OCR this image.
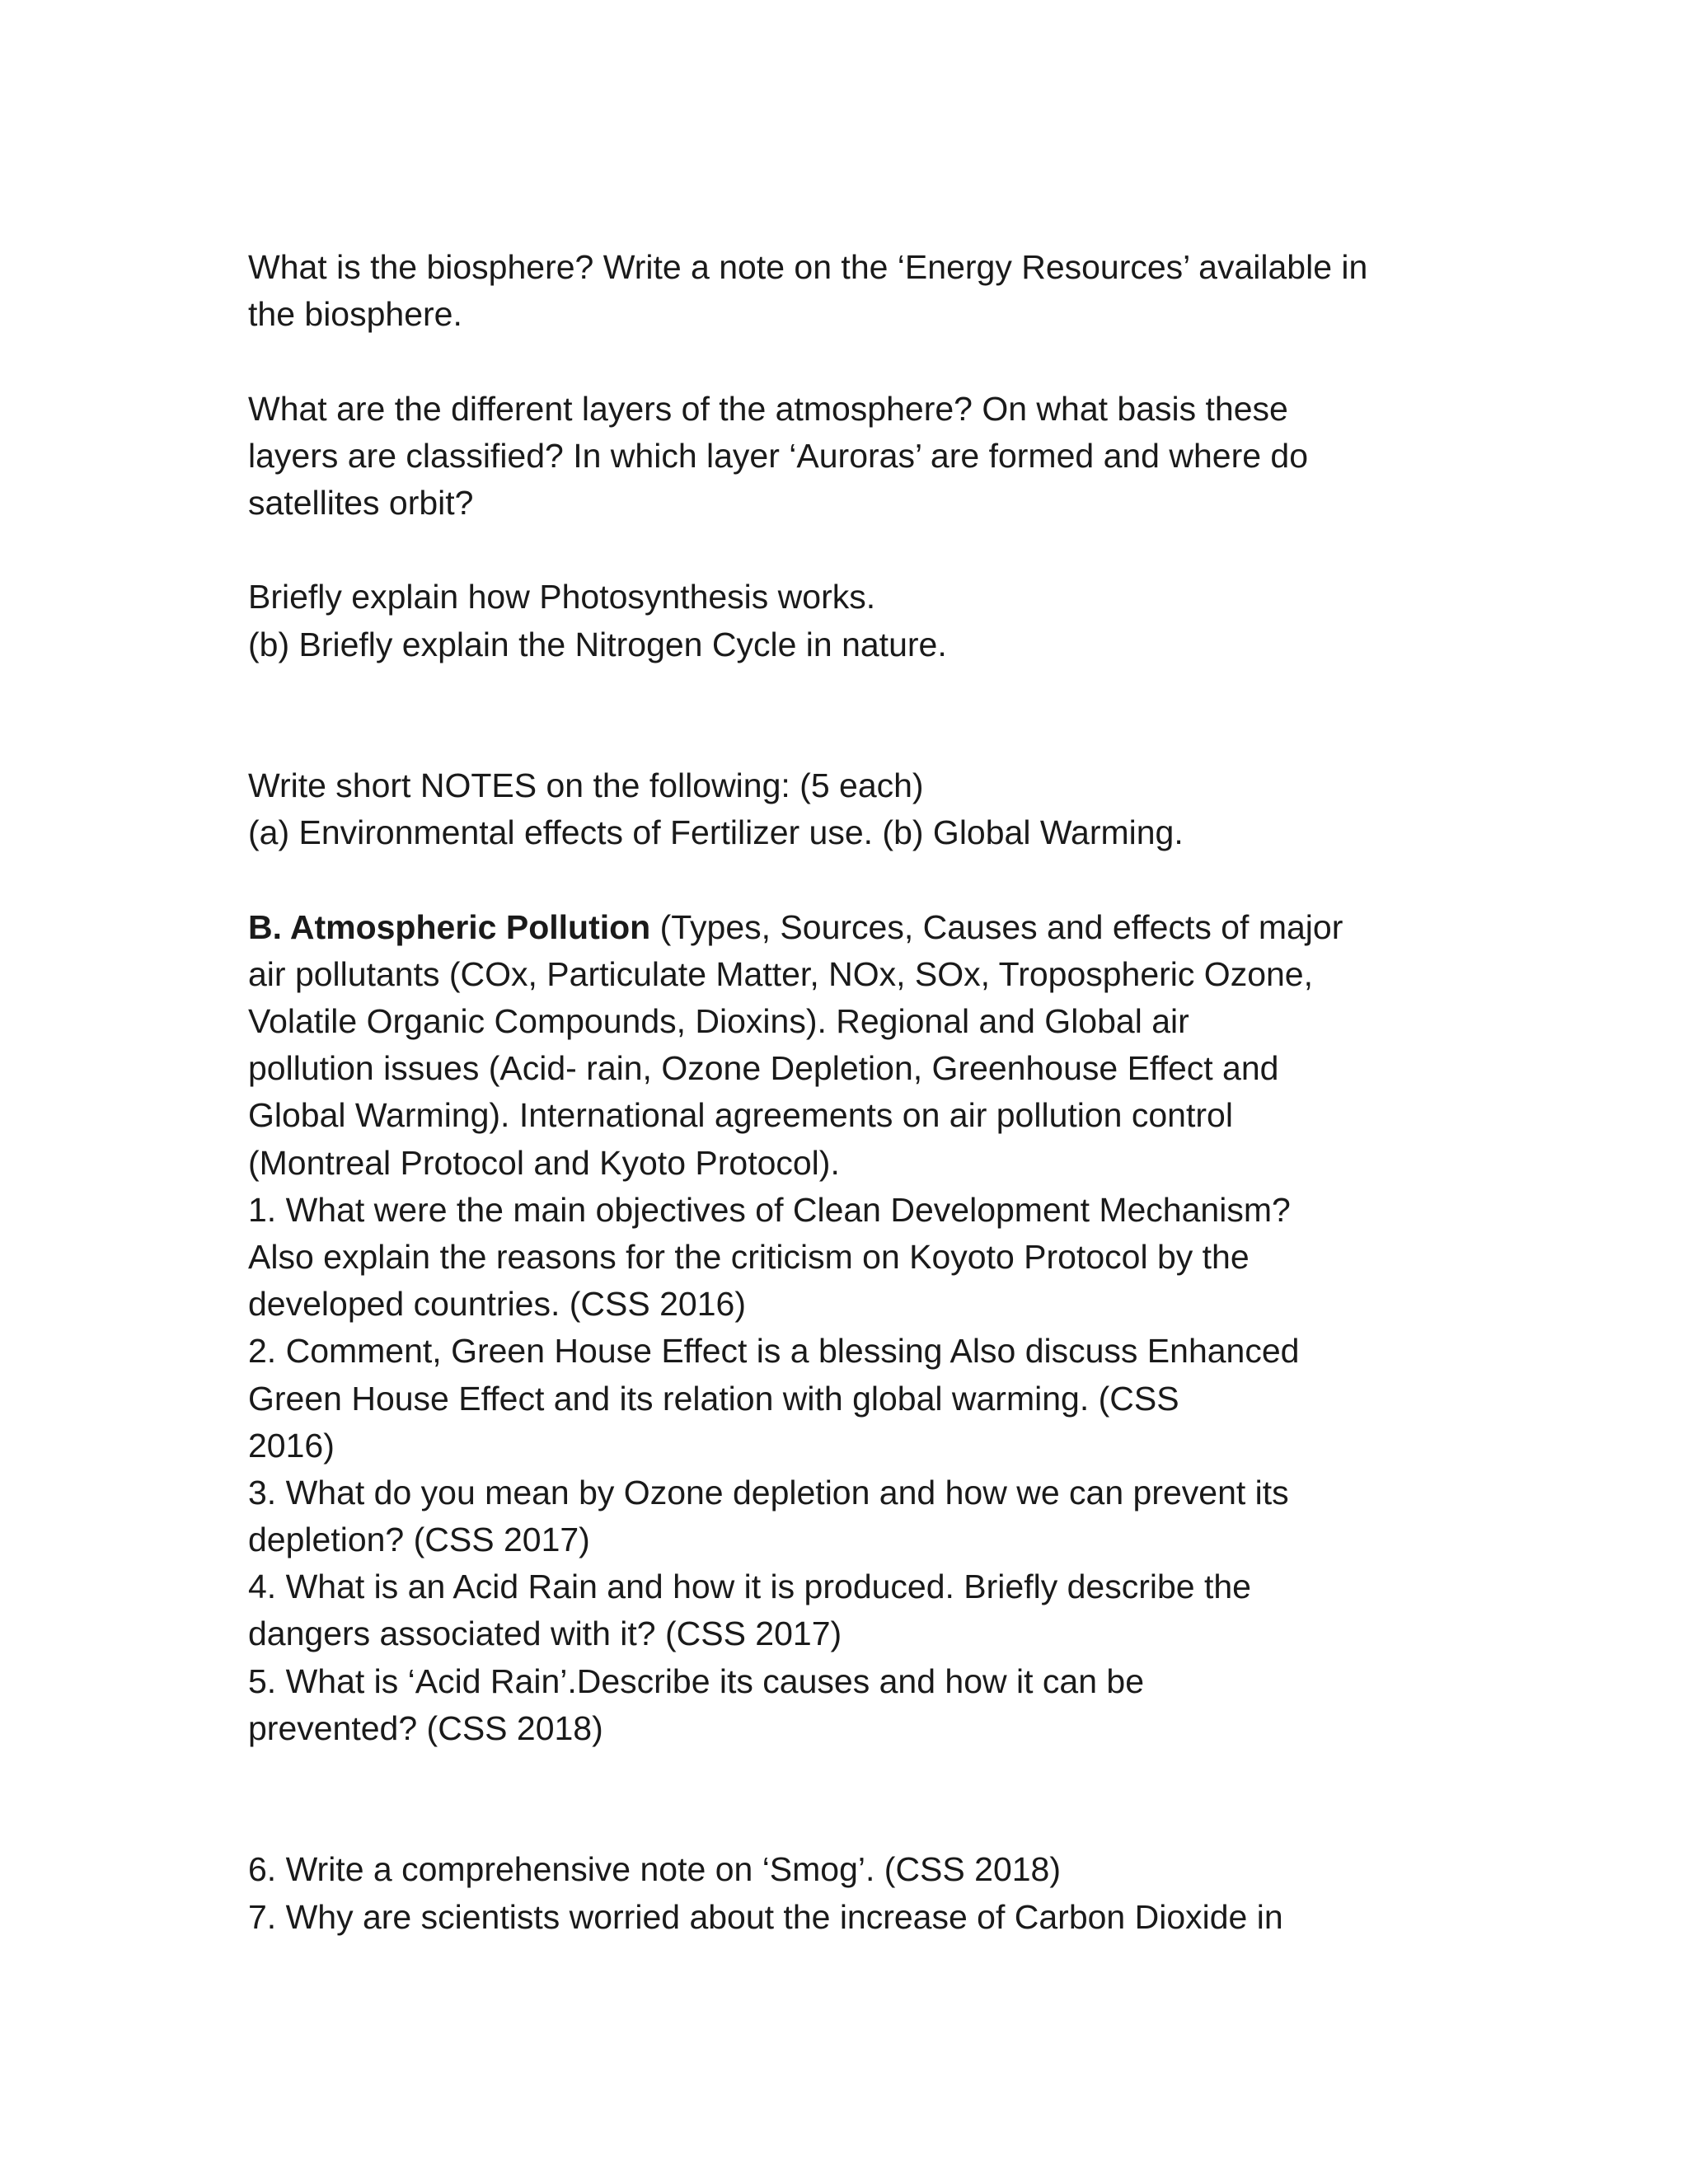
What is the biosphere? Write a note on the ‘Energy Resources’ available in
the biosphere.
What are the different layers of the atmosphere? On what basis these
layers are classified? In which layer ‘Auroras’ are formed and where do
satellites orbit?
Briefly explain how Photosynthesis works.
(b) Briefly explain the Nitrogen Cycle in nature.
Write short NOTES on the following: (5 each)
(a) Environmental effects of Fertilizer use. (b) Global Warming.
B. Atmospheric Pollution (Types, Sources, Causes and effects of major
air pollutants (COx, Particulate Matter, NOx, SOx, Tropospheric Ozone,
Volatile Organic Compounds, Dioxins). Regional and Global air
pollution issues (Acid- rain, Ozone Depletion, Greenhouse Effect and
Global Warming). International agreements on air pollution control
(Montreal Protocol and Kyoto Protocol).
1. What were the main objectives of Clean Development Mechanism?
Also explain the reasons for the criticism on Koyoto Protocol by the
developed countries. (CSS 2016)
2. Comment, Green House Effect is a blessing Also discuss Enhanced
Green House Effect and its relation with global warming. (CSS
2016)
3. What do you mean by Ozone depletion and how we can prevent its
depletion? (CSS 2017)
4. What is an Acid Rain and how it is produced. Briefly describe the
dangers associated with it? (CSS 2017)
5. What is ‘Acid Rain’.Describe its causes and how it can be
prevented? (CSS 2018)
6. Write a comprehensive note on ‘Smog’. (CSS 2018)
7. Why are scientists worried about the increase of Carbon Dioxide in
